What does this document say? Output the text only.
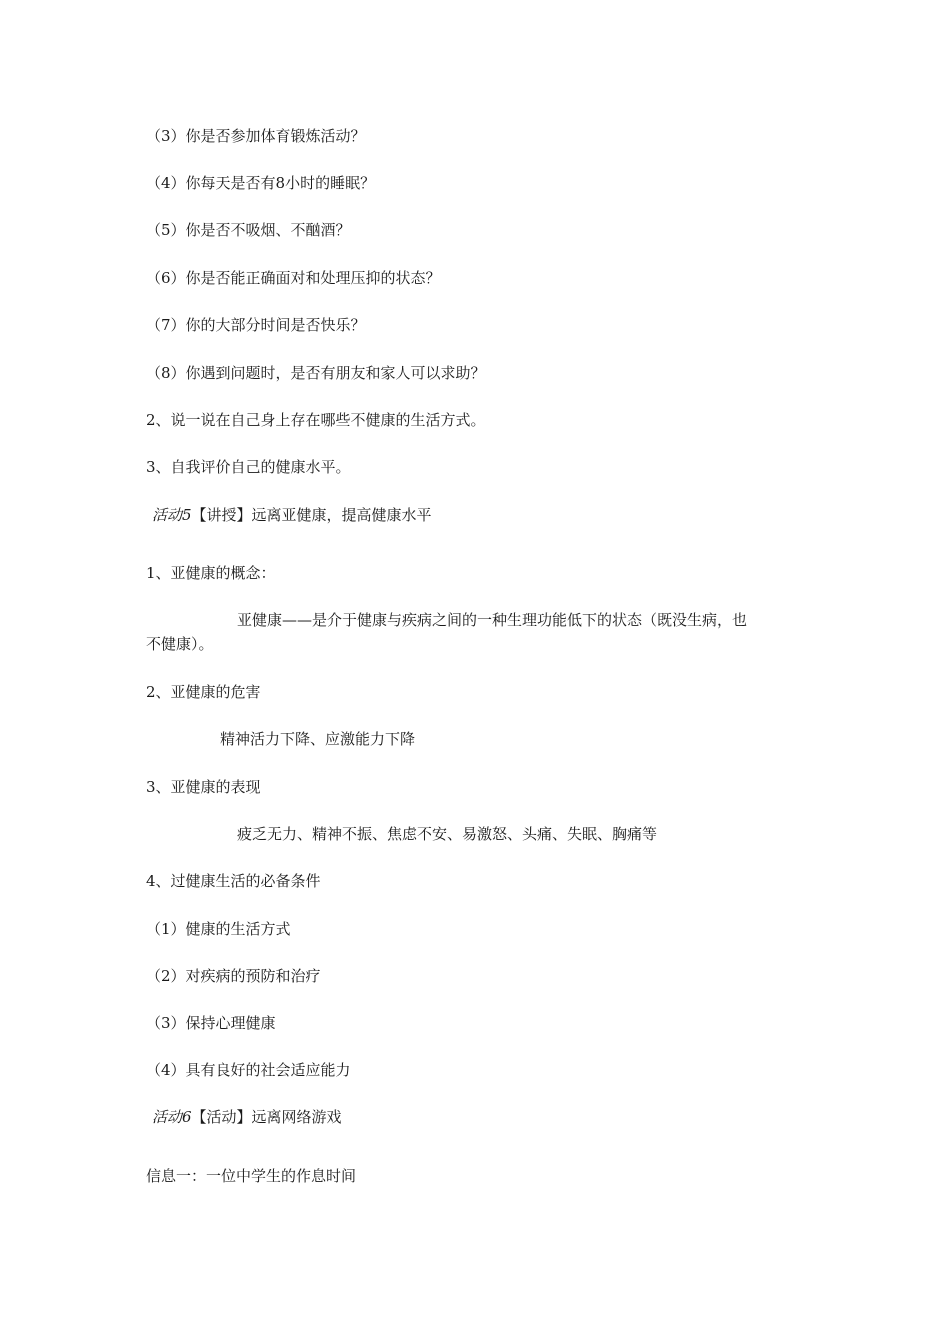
（3）你是否参加体育锻炼活动？
（4）你每天是否有8小时的睡眠？
（5）你是否不吸烟、不酗酒？
（6）你是否能正确面对和处理压抑的状态？
（7）你的大部分时间是否快乐？
（8）你遇到问题时，是否有朋友和家人可以求助？
2、说一说在自己身上存在哪些不健康的生活方式。
3、自我评价自己的健康水平。
活动5【讲授】远离亚健康，提高健康水平
1、亚健康的概念：
亚健康——是介于健康与疾病之间的一种生理功能低下的状态（既没生病，也
不健康）。
2、亚健康的危害
精神活力下降、应激能力下降
3、亚健康的表现
疲乏无力、精神不振、焦虑不安、易激怒、头痛、失眠、胸痛等
4、过健康生活的必备条件
（1）健康的生活方式
（2）对疾病的预防和治疗
（3）保持心理健康
（4）具有良好的社会适应能力
活动6【活动】远离网络游戏
信息一：一位中学生的作息时间
